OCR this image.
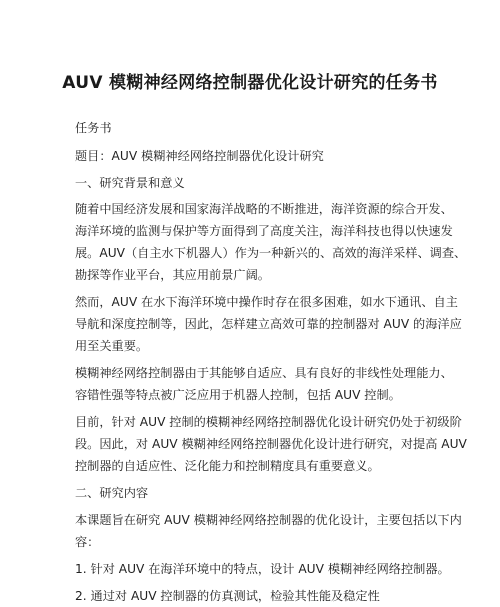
AUV 模糊神经网络控制器优化设计研究的任务书
任务书
题目：AUV 模糊神经网络控制器优化设计研究
一、研究背景和意义
随着中国经济发展和国家海洋战略的不断推进，海洋资源的综合开发、
海洋环境的监测与保护等方面得到了高度关注，海洋科技也得以快速发
展。AUV（自主水下机器人）作为一种新兴的、高效的海洋采样、调查、
勘探等作业平台，其应用前景广阔。
然而，AUV 在水下海洋环境中操作时存在很多困难，如水下通讯、自主
导航和深度控制等，因此，怎样建立高效可靠的控制器对 AUV 的海洋应
用至关重要。
模糊神经网络控制器由于其能够自适应、具有良好的非线性处理能力、
容错性强等特点被广泛应用于机器人控制，包括 AUV 控制。
目前，针对 AUV 控制的模糊神经网络控制器优化设计研究仍处于初级阶
段。因此，对 AUV 模糊神经网络控制器优化设计进行研究，对提高 AUV
控制器的自适应性、泛化能力和控制精度具有重要意义。
二、研究内容
本课题旨在研究 AUV 模糊神经网络控制器的优化设计，主要包括以下内
容：
1. 针对 AUV 在海洋环境中的特点，设计 AUV 模糊神经网络控制器。
2. 通过对 AUV 控制器的仿真测试，检验其性能及稳定性
